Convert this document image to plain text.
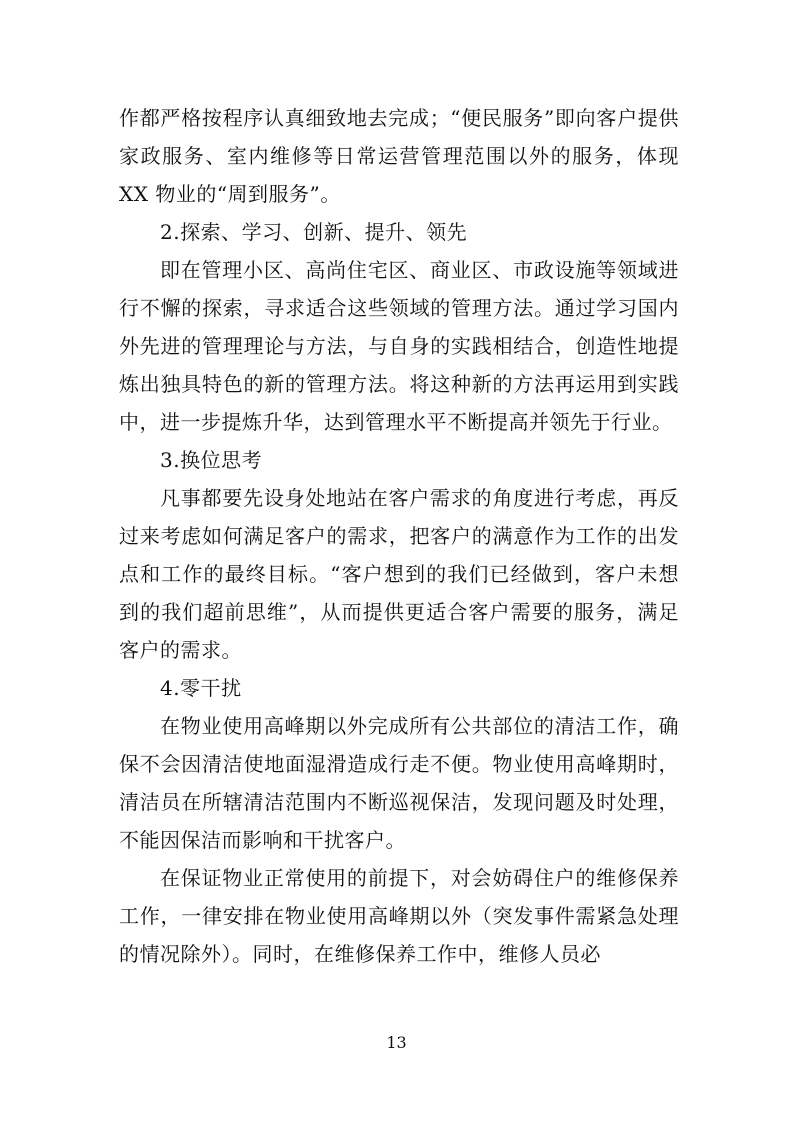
作都严格按程序认真细致地去完成；“便民服务”即向客户提供家政服务、室内维修等日常运营管理范围以外的服务，体现 XX 物业的“周到服务”。

2.探索、学习、创新、提升、领先

即在管理小区、高尚住宅区、商业区、市政设施等领域进行不懈的探索，寻求适合这些领域的管理方法。通过学习国内外先进的管理理论与方法，与自身的实践相结合，创造性地提炼出独具特色的新的管理方法。将这种新的方法再运用到实践中，进一步提炼升华，达到管理水平不断提高并领先于行业。

3.换位思考

凡事都要先设身处地站在客户需求的角度进行考虑，再反过来考虑如何满足客户的需求，把客户的满意作为工作的出发点和工作的最终目标。“客户想到的我们已经做到，客户未想到的我们超前思维”，从而提供更适合客户需要的服务，满足客户的需求。

4.零干扰

在物业使用高峰期以外完成所有公共部位的清洁工作，确保不会因清洁使地面湿滑造成行走不便。物业使用高峰期时，清洁员在所辖清洁范围内不断巡视保洁，发现问题及时处理，不能因保洁而影响和干扰客户。

在保证物业正常使用的前提下，对会妨碍住户的维修保养工作，一律安排在物业使用高峰期以外（突发事件需紧急处理的情况除外）。同时，在维修保养工作中，维修人员必

13
